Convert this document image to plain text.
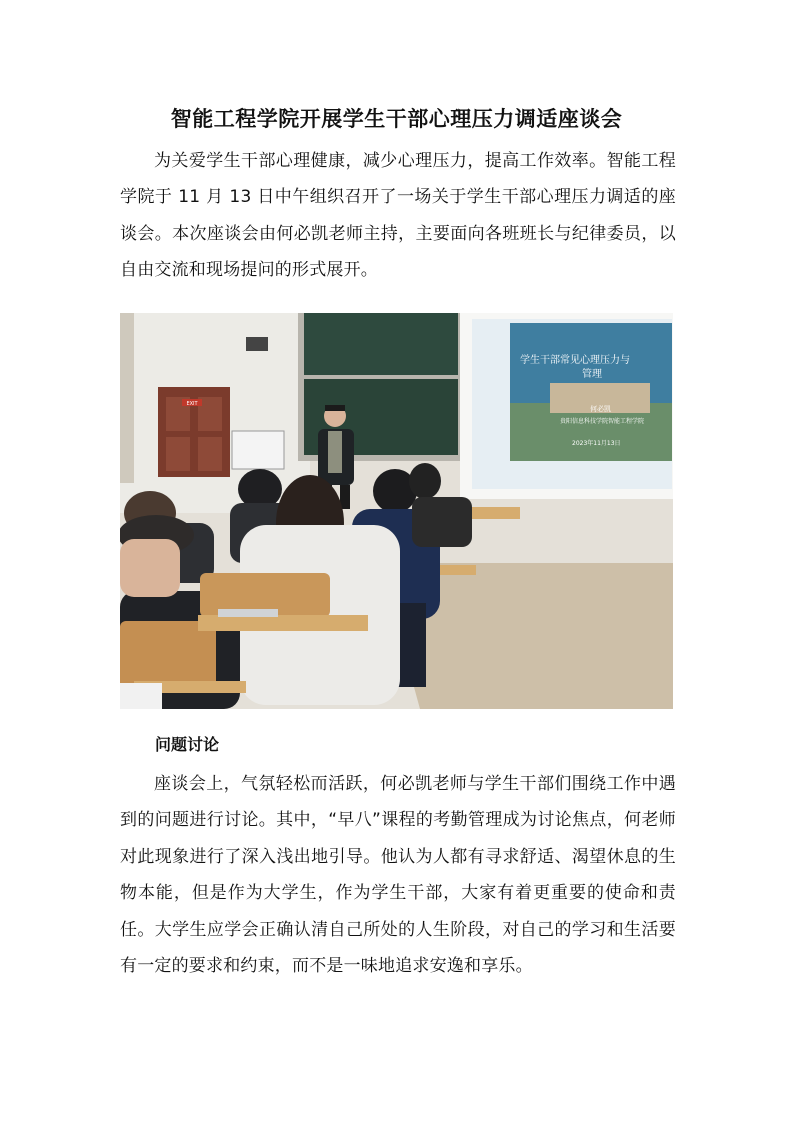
智能工程学院开展学生干部心理压力调适座谈会
为关爱学生干部心理健康，减少心理压力，提高工作效率。智能工程学院于 11 月 13 日中午组织召开了一场关于学生干部心理压力调适的座谈会。本次座谈会由何必凯老师主持，主要面向各班班长与纪律委员，以自由交流和现场提问的形式展开。
EXIT
学生干部常见心理压力与
管理
何必凯
贵阳信息科技学院智能工程学院
2023年11月13日
问题讨论
座谈会上，气氛轻松而活跃，何必凯老师与学生干部们围绕工作中遇到的问题进行讨论。其中，“早八”课程的考勤管理成为讨论焦点，何老师对此现象进行了深入浅出地引导。他认为人都有寻求舒适、渴望休息的生物本能，但是作为大学生，作为学生干部，大家有着更重要的使命和责任。大学生应学会正确认清自己所处的人生阶段，对自己的学习和生活要有一定的要求和约束，而不是一味地追求安逸和享乐。
